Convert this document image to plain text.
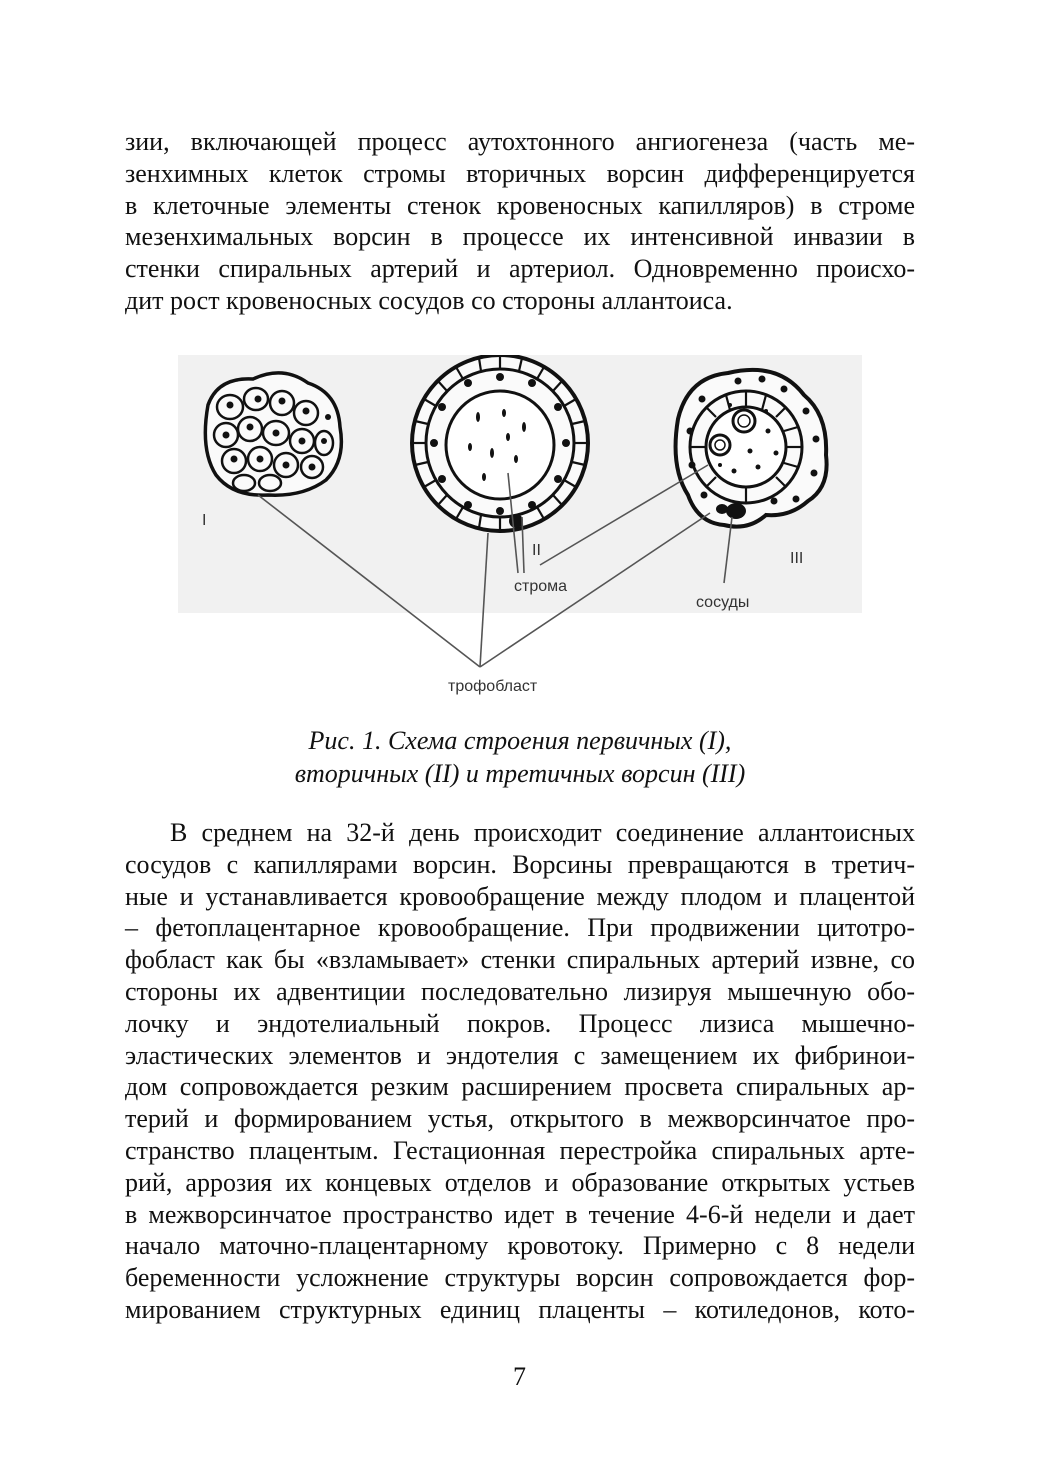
зии, включающей процесс аутохтонного ангиогенеза (часть ме-
зенхимных клеток стромы вторичных ворсин дифференцируется
в клеточные элементы стенок кровеносных капилляров) в строме
мезенхимальных ворсин в процессе их интенсивной инвазии в
стенки спиральных артерий и артериол. Одновременно происхо-
дит рост кровеносных сосудов со стороны аллантоиса.
I
II	III
строма
сосуды
трофобласт
Рис. 1. Схема строения первичных (I),
вторичных (II) и третичных ворсин (III)
В среднем на 32-й день происходит соединение аллантоисных
сосудов с капиллярами ворсин. Ворсины превращаются в третич-
ные и устанавливается кровообращение между плодом и плацентой
– фетоплацентарное кровообращение. При продвижении цитотро-
фобласт как бы «взламывает» стенки спиральных артерий извне, со
стороны их адвентиции последовательно лизируя мышечную обо-
лочку и эндотелиальный покров. Процесс лизиса мышечно-
эластических элементов и эндотелия с замещением их фибринои-
дом сопровождается резким расширением просвета спиральных ар-
терий и формированием устья, открытого в межворсинчатое про-
странство плацентым. Гестационная перестройка спиральных арте-
рий, аррозия их концевых отделов и образование открытых устьев
в межворсинчатое пространство идет в течение 4-6-й недели и дает
начало маточно-плацентарному кровотоку. Примерно с 8 недели
беременности усложнение структуры ворсин сопровождается фор-
мированием структурных единиц плаценты – котиледонов, кото-
7
